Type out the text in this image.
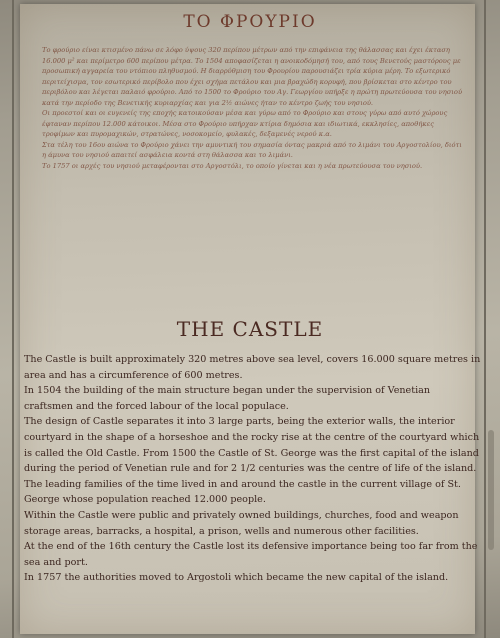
ΤΟ ΦΡΟΥΡΙΟ

Το φρούριο είναι κτισμένο πάνω σε λόφο ύψους 320 περίπου μέτρων από την επιφάνεια της θάλασσας και έχει έκταση 16.000 μ² και περίμετρο 600 περίπου μέτρα. Το 1504 αποφασίζεται η ανοικοδόμησή του, από τους Βενετούς μαστόρους με προσωπική αγγαρεία του ντόπιου πληθυσμού. Η διαρρύθμιση του Φρουρίου παρουσιάζει τρία κύρια μέρη. Το εξωτερικό περιτείχισμα, τον εσωτερικό περίβολο που έχει σχήμα πετάλου και μια βραχώδη κορυφή, που βρίσκεται στο κέντρο του περιβόλου και λέγεται παλαιό φρούριο. Από το 1500 το Φρούριο του Αγ. Γεωργίου υπήρξε η πρώτη πρωτεύουσα του νησιού κατά την περίοδο της Βενετικής κυριαρχίας και για 2½ αιώνες ήταν το κέντρο ζωής του νησιού.

Οι προεστοί και οι ευγενείς της εποχής κατοικούσαν μέσα και γύρω από το Φρούριο και στους γύρω από αυτό χώρους έφταναν περίπου 12.000 κάτοικοι. Μέσα στο Φρούριο υπήρχαν κτίρια δημόσια και ιδιωτικά, εκκλησίες, αποθήκες τροφίμων και πυρομαχικών, στρατώνες, νοσοκομείο, φυλακές, δεξαμενές νερού κ.α.

Στα τέλη του 16ου αιώνα το Φρούριο χάνει την αμυντική του σημασία όντας μακριά από το λιμάνι του Αργοστολίου, διότι η άμυνα του νησιού απαιτεί ασφάλεια κοντά στη θάλασσα και το λιμάνι.

Το 1757 οι αρχές του νησιού μεταφέρονται στο Αργοστόλι, το οποίο γίνεται και η νέα πρωτεύουσα του νησιού.

THE CASTLE

The Castle is built approximately 320 metres above sea level, covers 16.000 square metres in area and has a circumference of 600 metres.

In 1504 the building of the main structure began under the supervision of Venetian craftsmen and the forced labour of the local populace.

The design of Castle separates it into 3 large parts, being the exterior walls, the interior courtyard in the shape of a horseshoe and the rocky rise at the centre of the courtyard which is called the Old Castle. From 1500 the Castle of St. George was the first capital of the island during the period of Venetian rule and for 2 1/2 centuries was the centre of life of the island.

The leading families of the time lived in and around the castle in the current village of St. George whose population reached 12.000 people.

Within the Castle were public and privately owned buildings, churches, food and weapon storage areas, barracks, a hospital, a prison, wells and numerous other facilities.

At the end of the 16th century the Castle lost its defensive importance being too far from the sea and port.

In 1757 the authorities moved to Argostoli which became the new capital of the island.
